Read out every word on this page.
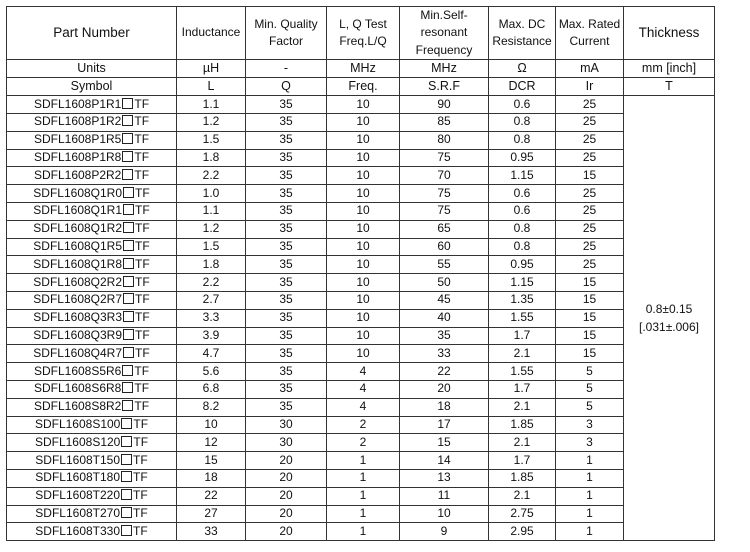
Part Number	Inductance	Min. Quality Factor	L, Q Test Freq.L/Q	Min.Self-resonant Frequency	Max. DC Resistance	Max. Rated Current	Thickness
Units	µH	-	MHz	MHz	Ω	mA	mm [inch]
Symbol	L	Q	Freq.	S.R.F	DCR	Ir	T
SDFL1608P1R1 TF	1.1	35	10	90	0.6	25	0.8±0.15
[.031±.006]
SDFL1608P1R2 TF	1.2	35	10	85	0.8	25	
SDFL1608P1R5 TF	1.5	35	10	80	0.8	25	
SDFL1608P1R8 TF	1.8	35	10	75	0.95	25	
SDFL1608P2R2 TF	2.2	35	10	70	1.15	15	
SDFL1608Q1R0 TF	1.0	35	10	75	0.6	25	
SDFL1608Q1R1 TF	1.1	35	10	75	0.6	25	
SDFL1608Q1R2 TF	1.2	35	10	65	0.8	25	
SDFL1608Q1R5 TF	1.5	35	10	60	0.8	25	
SDFL1608Q1R8 TF	1.8	35	10	55	0.95	25	
SDFL1608Q2R2 TF	2.2	35	10	50	1.15	15	
SDFL1608Q2R7 TF	2.7	35	10	45	1.35	15	
SDFL1608Q3R3 TF	3.3	35	10	40	1.55	15	
SDFL1608Q3R9 TF	3.9	35	10	35	1.7	15	
SDFL1608Q4R7 TF	4.7	35	10	33	2.1	15	
SDFL1608S5R6 TF	5.6	35	4	22	1.55	5	
SDFL1608S6R8 TF	6.8	35	4	20	1.7	5	
SDFL1608S8R2 TF	8.2	35	4	18	2.1	5	
SDFL1608S100 TF	10	30	2	17	1.85	3	
SDFL1608S120 TF	12	30	2	15	2.1	3	
SDFL1608T150 TF	15	20	1	14	1.7	1	
SDFL1608T180 TF	18	20	1	13	1.85	1	
SDFL1608T220 TF	22	20	1	11	2.1	1	
SDFL1608T270 TF	27	20	1	10	2.75	1	
SDFL1608T330 TF	33	20	1	9	2.95	1	
